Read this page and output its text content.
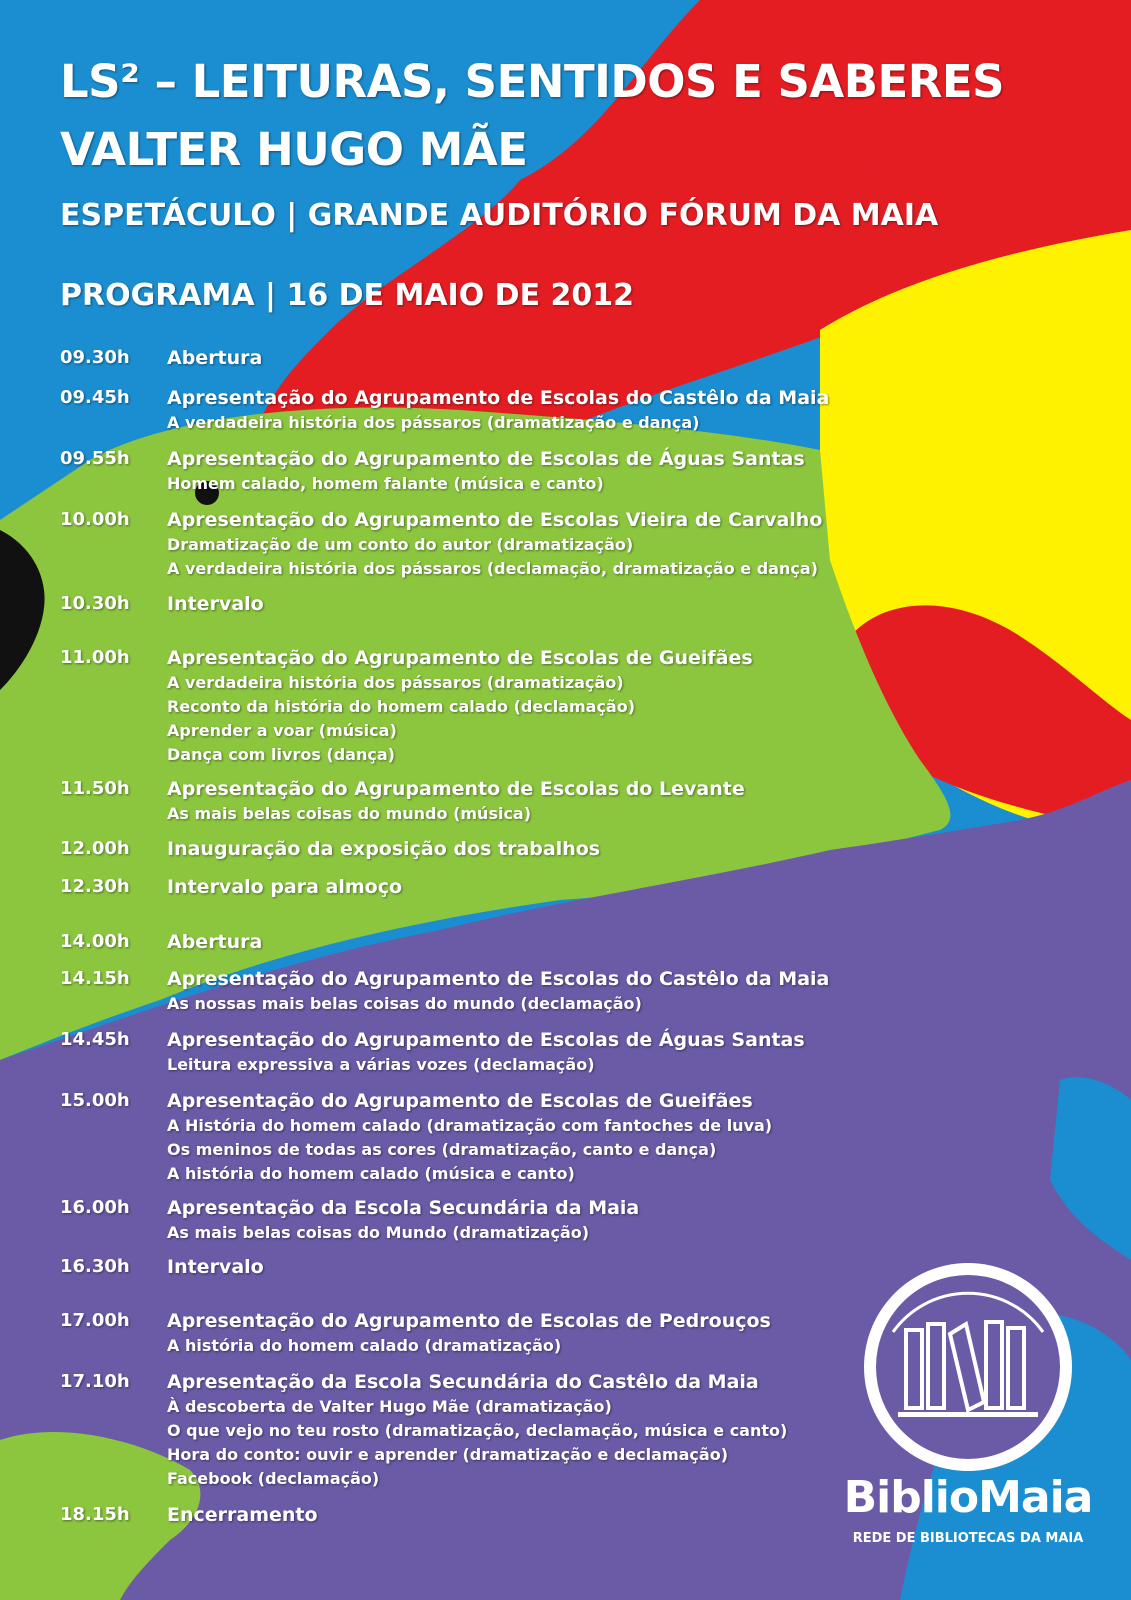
LS² – LEITURAS, SENTIDOS E SABERES
VALTER HUGO MÃE
ESPETÁCULO | GRANDE AUDITÓRIO FÓRUM DA MAIA
PROGRAMA | 16 DE MAIO DE 2012
09.30h	Abertura
09.45h	Apresentação do Agrupamento de Escolas do Castêlo da Maia
A verdadeira história dos pássaros (dramatização e dança)
09.55h	Apresentação do Agrupamento de Escolas de Águas Santas
Homem calado, homem falante (música e canto)
10.00h	Apresentação do Agrupamento de Escolas Vieira de Carvalho
Dramatização de um conto do autor (dramatização)
A verdadeira história dos pássaros (declamação, dramatização e dança)
10.30h	Intervalo
11.00h	Apresentação do Agrupamento de Escolas de Gueifães
A verdadeira história dos pássaros (dramatização)
Reconto da história do homem calado (declamação)
Aprender a voar (música)
Dança com livros (dança)
11.50h	Apresentação do Agrupamento de Escolas do Levante
As mais belas coisas do mundo (música)
12.00h	Inauguração da exposição dos trabalhos
12.30h	Intervalo para almoço
14.00h	Abertura
14.15h	Apresentação do Agrupamento de Escolas do Castêlo da Maia
As nossas mais belas coisas do mundo (declamação)
14.45h	Apresentação do Agrupamento de Escolas de Águas Santas
Leitura expressiva a várias vozes (declamação)
15.00h	Apresentação do Agrupamento de Escolas de Gueifães
A História do homem calado (dramatização com fantoches de luva)
Os meninos de todas as cores (dramatização, canto e dança)
A história do homem calado (música e canto)
16.00h	Apresentação da Escola Secundária da Maia
As mais belas coisas do Mundo (dramatização)
16.30h	Intervalo
17.00h	Apresentação do Agrupamento de Escolas de Pedrouços
A história do homem calado (dramatização)
17.10h	Apresentação da Escola Secundária do Castêlo da Maia
À descoberta de Valter Hugo Mãe (dramatização)
O que vejo no teu rosto (dramatização, declamação, música e canto)
Hora do conto: ouvir e aprender (dramatização e declamação)
Facebook (declamação)
18.15h	Encerramento	BiblioMaia
REDE DE BIBLIOTECAS DA MAIA
